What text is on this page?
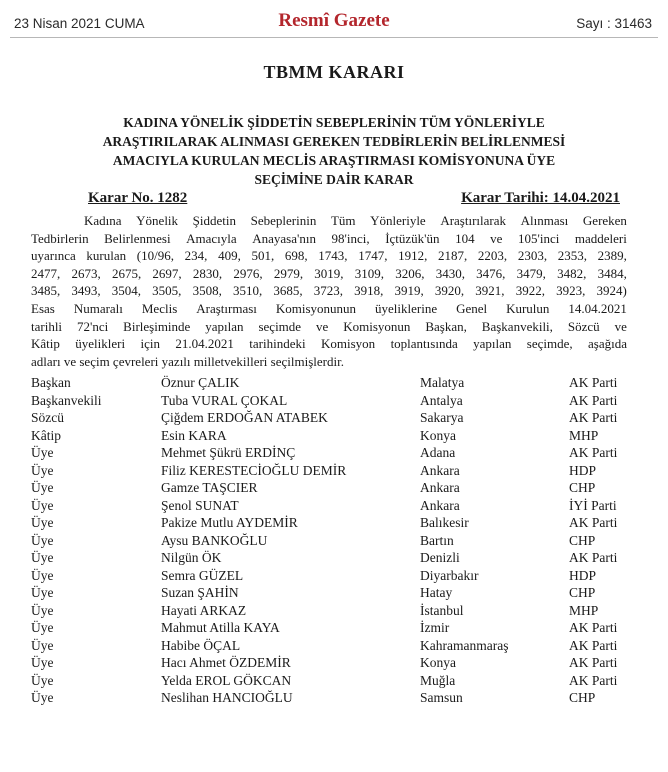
23 Nisan 2021 CUMA	Resmî Gazete	Sayı : 31463
TBMM KARARI
KADINA YÖNELİK ŞİDDETİN SEBEPLERİNİN TÜM YÖNLERİYLE
ARAŞTIRILARAK ALINMASI GEREKEN TEDBİRLERİN BELİRLENMESİ
AMACIYLA KURULAN MECLİS ARAŞTIRMASI KOMİSYONUNA ÜYE
SEÇİMİNE DAİR KARAR
Karar No. 1282	Karar Tarihi: 14.04.2021
Kadına Yönelik Şiddetin Sebeplerinin Tüm Yönleriyle Araştırılarak Alınması Gereken
Tedbirlerin Belirlenmesi Amacıyla Anayasa'nın 98'inci, İçtüzük'ün 104 ve 105'inci maddeleri
uyarınca kurulan (10/96, 234, 409, 501, 698, 1743, 1747, 1912, 2187, 2203, 2303, 2353, 2389,
2477, 2673, 2675, 2697, 2830, 2976, 2979, 3019, 3109, 3206, 3430, 3476, 3479, 3482, 3484,
3485, 3493, 3504, 3505, 3508, 3510, 3685, 3723, 3918, 3919, 3920, 3921, 3922, 3923, 3924)
Esas Numaralı Meclis Araştırması Komisyonunun üyeliklerine Genel Kurulun 14.04.2021
tarihli 72'nci Birleşiminde yapılan seçimde ve Komisyonun Başkan, Başkanvekili, Sözcü ve
Kâtip üyelikleri için 21.04.2021 tarihindeki Komisyon toplantısında yapılan seçimde, aşağıda
adları ve seçim çevreleri yazılı milletvekilleri seçilmişlerdir.
Başkan	Öznur ÇALIK	Malatya	AK Parti
Başkanvekili	Tuba VURAL ÇOKAL	Antalya	AK Parti
Sözcü	Çiğdem ERDOĞAN ATABEK	Sakarya	AK Parti
Kâtip	Esin KARA	Konya	MHP
Üye	Mehmet Şükrü ERDİNÇ	Adana	AK Parti
Üye	Filiz KERESTECİOĞLU DEMİR	Ankara	HDP
Üye	Gamze TAŞCIER	Ankara	CHP
Üye	Şenol SUNAT	Ankara	İYİ Parti
Üye	Pakize Mutlu AYDEMİR	Balıkesir	AK Parti
Üye	Aysu BANKOĞLU	Bartın	CHP
Üye	Nilgün ÖK	Denizli	AK Parti
Üye	Semra GÜZEL	Diyarbakır	HDP
Üye	Suzan ŞAHİN	Hatay	CHP
Üye	Hayati ARKAZ	İstanbul	MHP
Üye	Mahmut Atilla KAYA	İzmir	AK Parti
Üye	Habibe ÖÇAL	Kahramanmaraş	AK Parti
Üye	Hacı Ahmet ÖZDEMİR	Konya	AK Parti
Üye	Yelda EROL GÖKCAN	Muğla	AK Parti
Üye	Neslihan HANCIOĞLU	Samsun	CHP
